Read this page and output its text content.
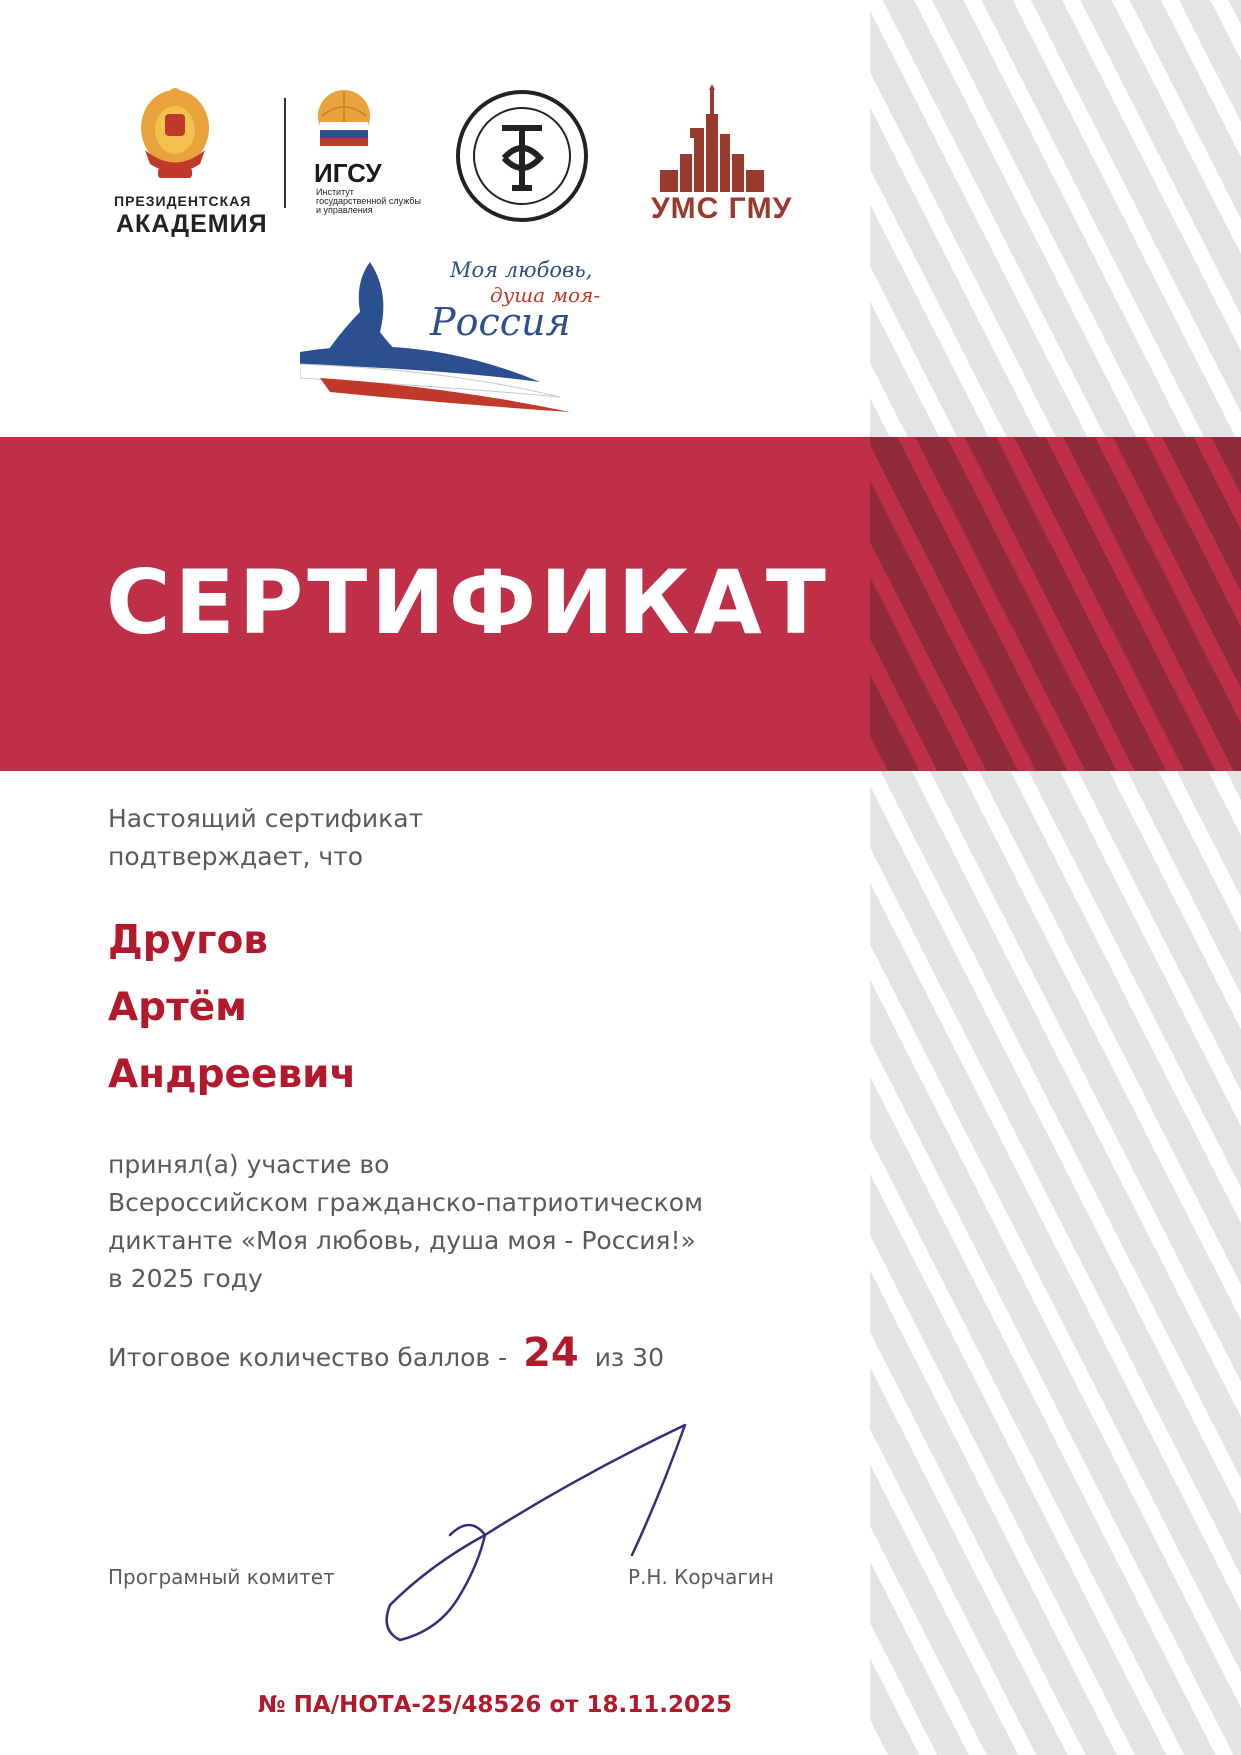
ПРЕЗИДЕНТСКАЯ
АКАДЕМИЯ
ИГСУ
Институт государственной службы и управления	УМС ГМУ
Моя любовь,
душа моя-
Россия
СЕРТИФИКАТ
Настоящий сертификат
подтверждает, что
Другов
Артём
Андреевич
принял(а) участие во
Всероссийском гражданско-патриотическом
диктанте «Моя любовь, душа моя - Россия!»
в 2025 году
Итоговое количество баллов - 24 из 30
Програмный комитет	Р.Н. Корчагин
№ ПА/НОТА-25/48526 от 18.11.2025
